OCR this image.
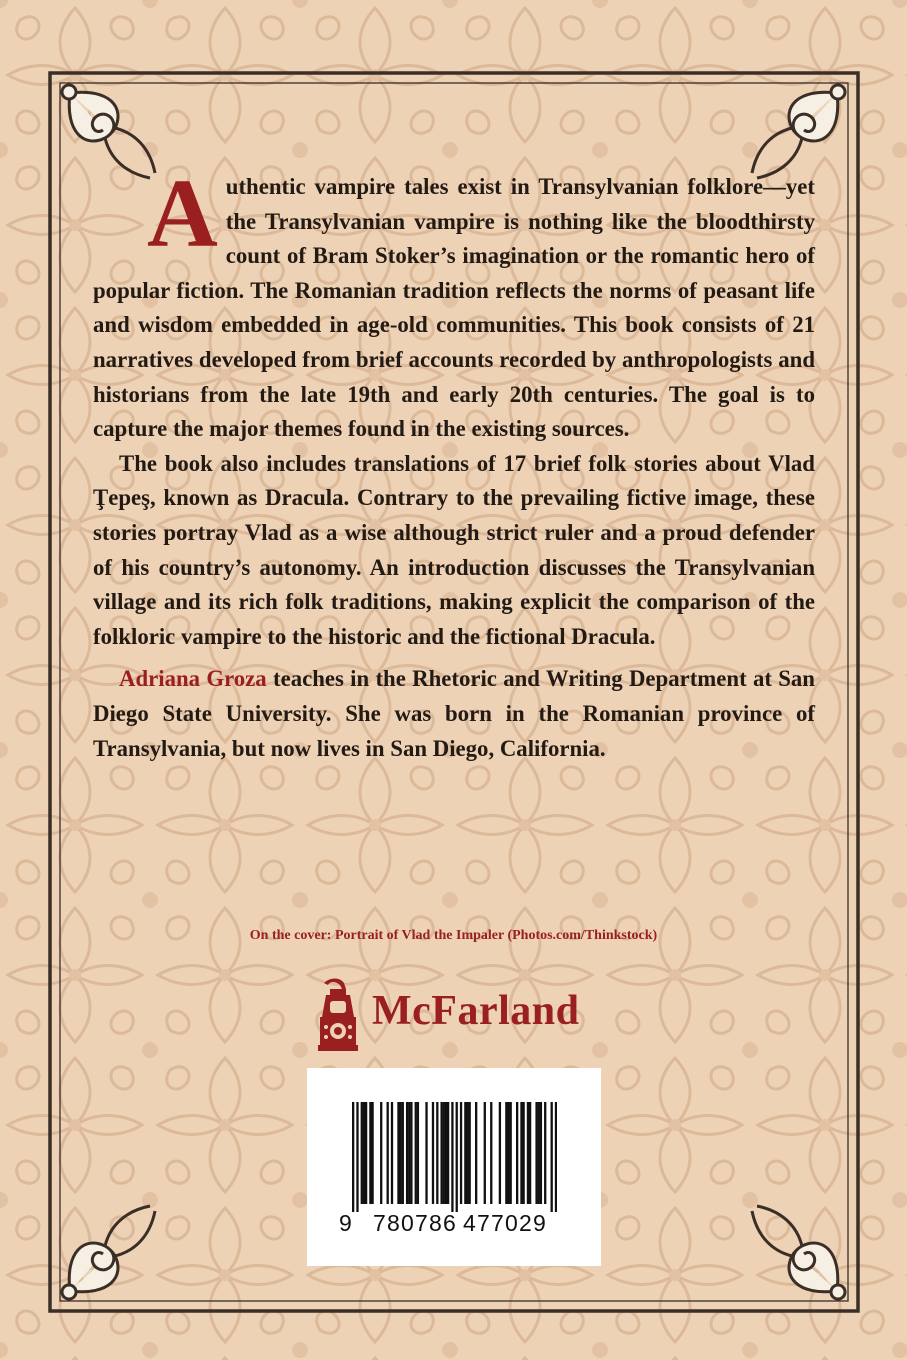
Authentic vampire tales exist in Transylvanian folklore—yet the Transylvanian vampire is nothing like the bloodthirsty count of Bram Stoker’s imagination or the romantic hero of popular fiction. The Romanian tradition reflects the norms of peasant life and wisdom embedded in age-old communities. This book consists of 21 narratives developed from brief accounts recorded by anthropologists and historians from the late 19th and early 20th centuries. The goal is to capture the major themes found in the existing sources.

The book also includes translations of 17 brief folk stories about Vlad Ţepeş, known as Dracula. Contrary to the prevailing fictive image, these stories portray Vlad as a wise although strict ruler and a proud defender of his country’s autonomy. An introduction discusses the Transylvanian village and its rich folk traditions, making explicit the comparison of the folkloric vampire to the historic and the fictional Dracula.

Adriana Groza teaches in the Rhetoric and Writing Department at San Diego State University. She was born in the Romanian province of Transylvania, but now lives in San Diego, California.

On the cover: Portrait of Vlad the Impaler (Photos.com/Thinkstock)
McFarland
9 780786 477029
